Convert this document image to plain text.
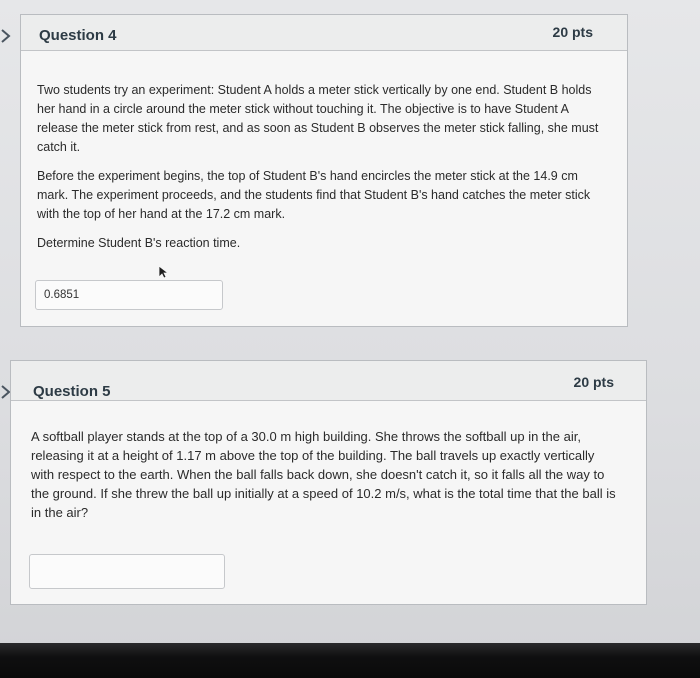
Question 4	20 pts

Two students try an experiment: Student A holds a meter stick vertically by one end. Student B holds her hand in a circle around the meter stick without touching it. The objective is to have Student A release the meter stick from rest, and as soon as Student B observes the meter stick falling, she must catch it.

Before the experiment begins, the top of Student B's hand encircles the meter stick at the 14.9 cm mark. The experiment proceeds, and the students find that Student B's hand catches the meter stick with the top of her hand at the 17.2 cm mark.

Determine Student B's reaction time.

0.6851
Question 5
20 pts

A softball player stands at the top of a 30.0 m high building. She throws the softball up in the air, releasing it at a height of 1.17 m above the top of the building. The ball travels up exactly vertically with respect to the earth. When the ball falls back down, she doesn't catch it, so it falls all the way to the ground. If she threw the ball up initially at a speed of 10.2 m/s, what is the total time that the ball is in the air?
